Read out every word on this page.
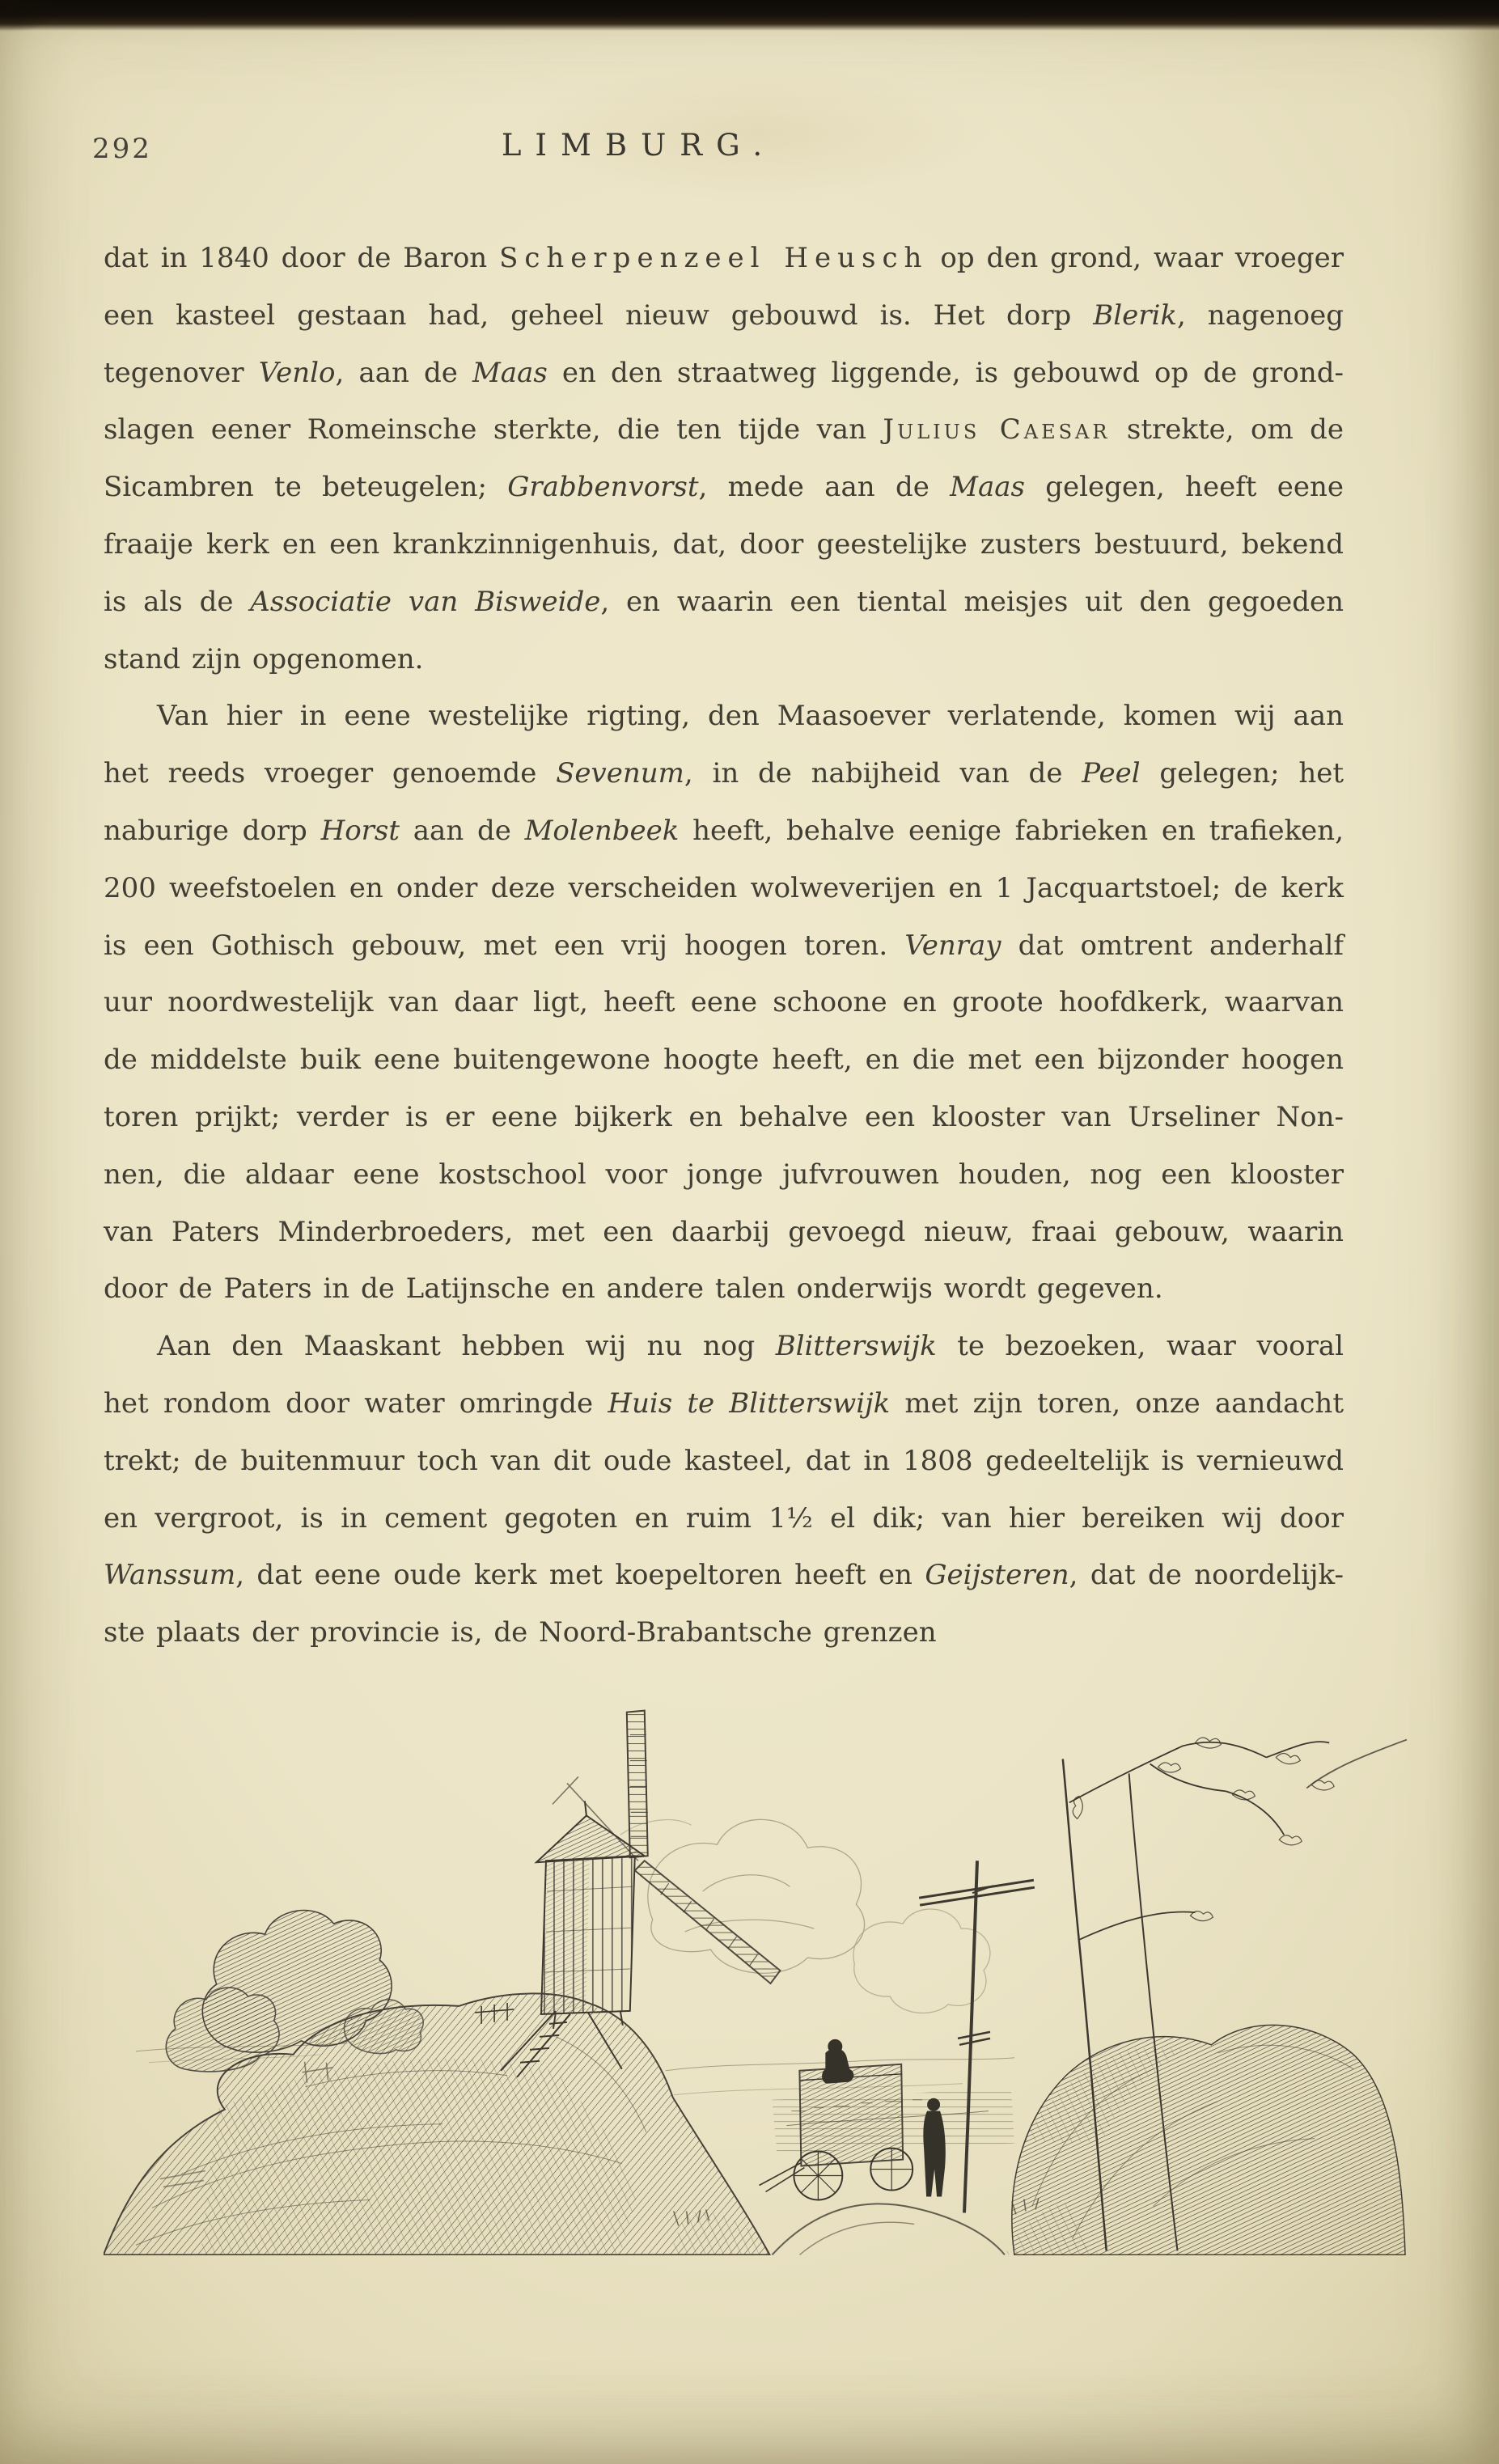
292	LIMBURG.
dat in 1840 door de Baron Scherpenzeel Heusch op den grond, waar vroeger
een kasteel gestaan had, geheel nieuw gebouwd is. Het dorp Blerik, nagenoeg
tegenover Venlo, aan de Maas en den straatweg liggende, is gebouwd op de grond-
slagen eener Romeinsche sterkte, die ten tijde van Julius Caesar strekte, om de
Sicambren te beteugelen; Grabbenvorst, mede aan de Maas gelegen, heeft eene
fraaije kerk en een krankzinnigenhuis, dat, door geestelijke zusters bestuurd, bekend
is als de Associatie van Bisweide, en waarin een tiental meisjes uit den gegoeden
stand zijn opgenomen.
Van hier in eene westelijke rigting, den Maasoever verlatende, komen wij aan
het reeds vroeger genoemde Sevenum, in de nabijheid van de Peel gelegen; het
naburige dorp Horst aan de Molenbeek heeft, behalve eenige fabrieken en trafieken,
200 weefstoelen en onder deze verscheiden wolweverijen en 1 Jacquartstoel; de kerk
is een Gothisch gebouw, met een vrij hoogen toren. Venray dat omtrent anderhalf
uur noordwestelijk van daar ligt, heeft eene schoone en groote hoofdkerk, waarvan
de middelste buik eene buitengewone hoogte heeft, en die met een bijzonder hoogen
toren prijkt; verder is er eene bijkerk en behalve een klooster van Urseliner Non-
nen, die aldaar eene kostschool voor jonge jufvrouwen houden, nog een klooster
van Paters Minderbroeders, met een daarbij gevoegd nieuw, fraai gebouw, waarin
door de Paters in de Latijnsche en andere talen onderwijs wordt gegeven.
Aan den Maaskant hebben wij nu nog Blitterswijk te bezoeken, waar vooral
het rondom door water omringde Huis te Blitterswijk met zijn toren, onze aandacht
trekt; de buitenmuur toch van dit oude kasteel, dat in 1808 gedeeltelijk is vernieuwd
en vergroot, is in cement gegoten en ruim 1½ el dik; van hier bereiken wij door
Wanssum, dat eene oude kerk met koepeltoren heeft en Geijsteren, dat de noordelijk-
ste plaats der provincie is, de Noord-Brabantsche grenzen
